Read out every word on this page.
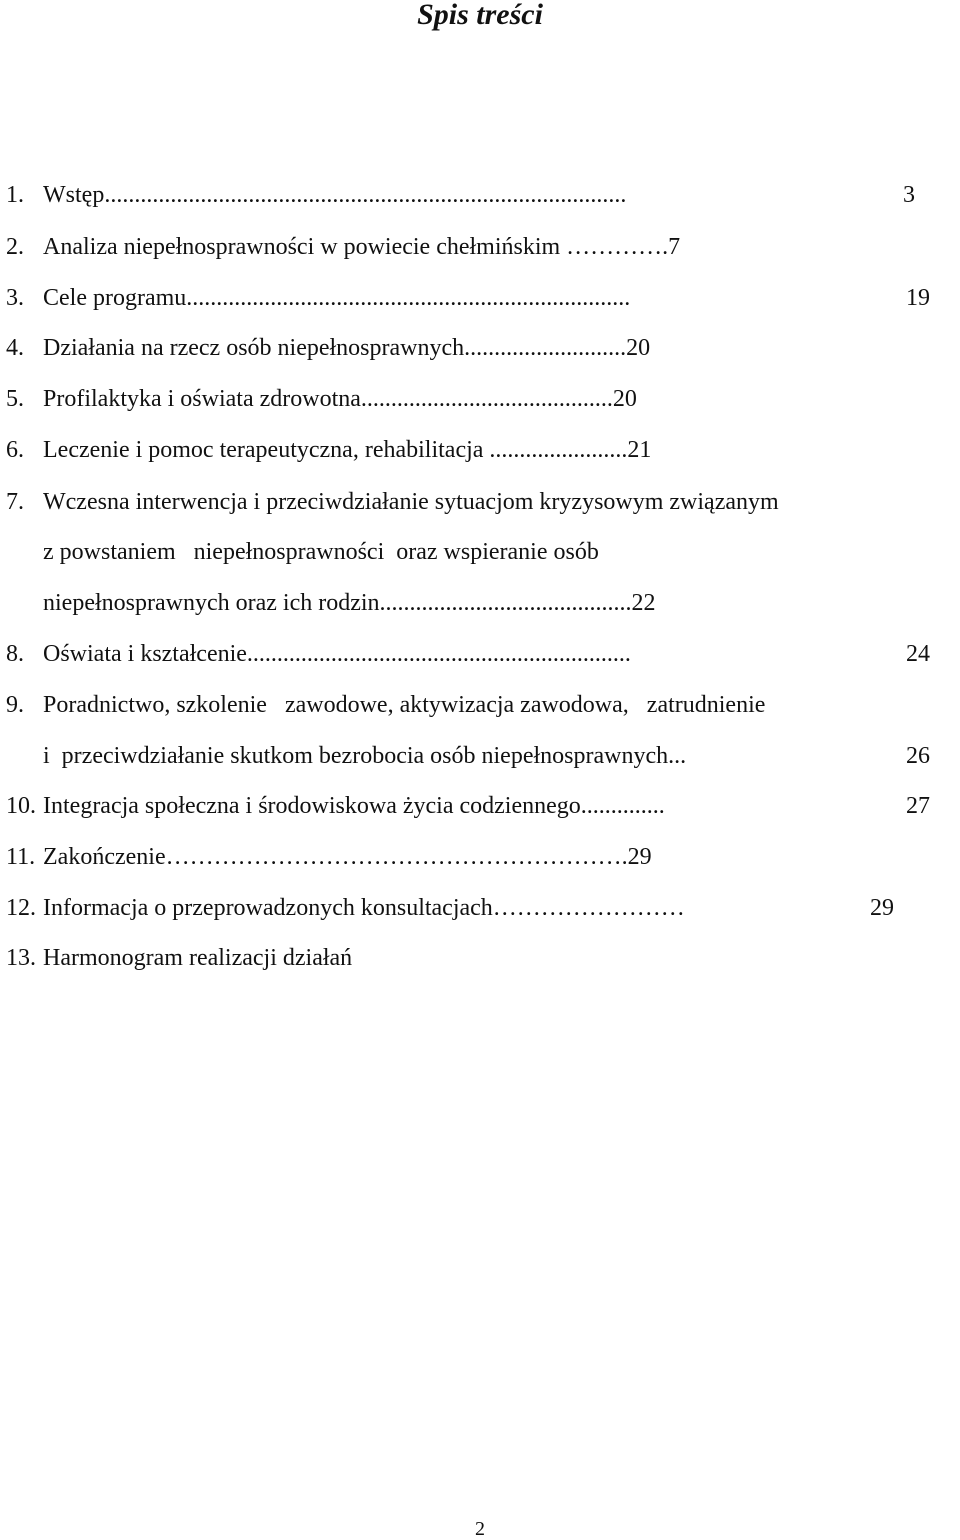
Spis treści
1. Wstęp.......................................................................................	3
2. Analiza niepełnosprawności w powiecie chełmińskim ………….7
3. Cele programu..........................................................................	19
4. Działania na rzecz osób niepełnosprawnych...........................20
5. Profilaktyka i oświata zdrowotna..........................................20
6. Leczenie i pomoc terapeutyczna, rehabilitacja .......................21
7. Wczesna interwencja i przeciwdziałanie sytuacjom kryzysowym związanym
z powstaniem   niepełnosprawności  oraz wspieranie osób
niepełnosprawnych oraz ich rodzin..........................................22
8. Oświata i kształcenie................................................................	24
9. Poradnictwo, szkolenie   zawodowe, aktywizacja zawodowa,   zatrudnienie
i  przeciwdziałanie skutkom bezrobocia osób niepełnosprawnych...	26
10. Integracja społeczna i środowiskowa życia codziennego..............	27
11. Zakończenie………………………………………………….29
12. Informacja o przeprowadzonych konsultacjach……………………	29
13. Harmonogram realizacji działań
2
